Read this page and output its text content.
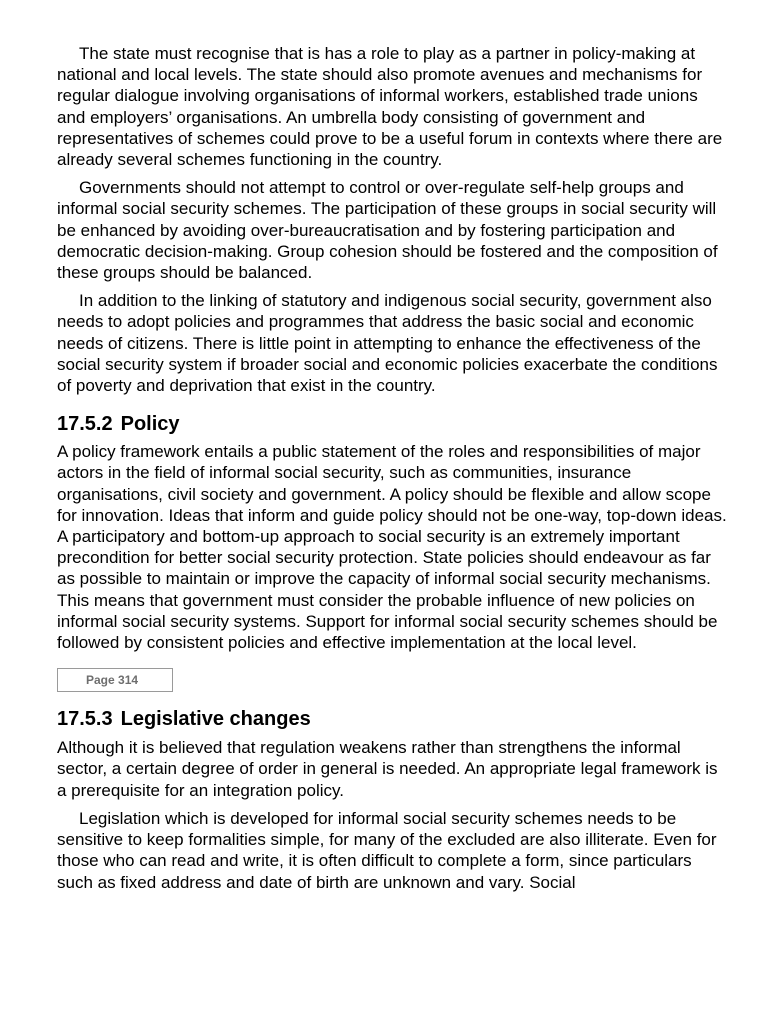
The state must recognise that is has a role to play as a partner in policy-making at national and local levels. The state should also promote avenues and mechanisms for regular dialogue involving organisations of informal workers, established trade unions and employers’ organisations. An umbrella body consisting of government and representatives of schemes could prove to be a useful forum in contexts where there are already several schemes functioning in the country.

Governments should not attempt to control or over-regulate self-help groups and informal social security schemes. The participation of these groups in social security will be enhanced by avoiding over-bureaucratisation and by fostering participation and democratic decision-making. Group cohesion should be fostered and the composition of these groups should be balanced.

In addition to the linking of statutory and indigenous social security, government also needs to adopt policies and programmes that address the basic social and economic needs of citizens. There is little point in attempting to enhance the effectiveness of the social security system if broader social and economic policies exacerbate the conditions of poverty and deprivation that exist in the country.

17.5.2 Policy

A policy framework entails a public statement of the roles and responsibilities of major actors in the field of informal social security, such as communities, insurance organisations, civil society and government. A policy should be flexible and allow scope for innovation. Ideas that inform and guide policy should not be one-way, top-down ideas. A participatory and bottom-up approach to social security is an extremely important precondition for better social security protection. State policies should endeavour as far as possible to maintain or improve the capacity of informal social security mechanisms. This means that government must consider the probable influence of new policies on informal social security systems. Support for informal social security schemes should be followed by consistent policies and effective implementation at the local level.

Page 314
17.5.3 Legislative changes

Although it is believed that regulation weakens rather than strengthens the informal sector, a certain degree of order in general is needed. An appropriate legal framework is a prerequisite for an integration policy.

Legislation which is developed for informal social security schemes needs to be sensitive to keep formalities simple, for many of the excluded are also illiterate. Even for those who can read and write, it is often difficult to complete a form, since particulars such as fixed address and date of birth are unknown and vary. Social
